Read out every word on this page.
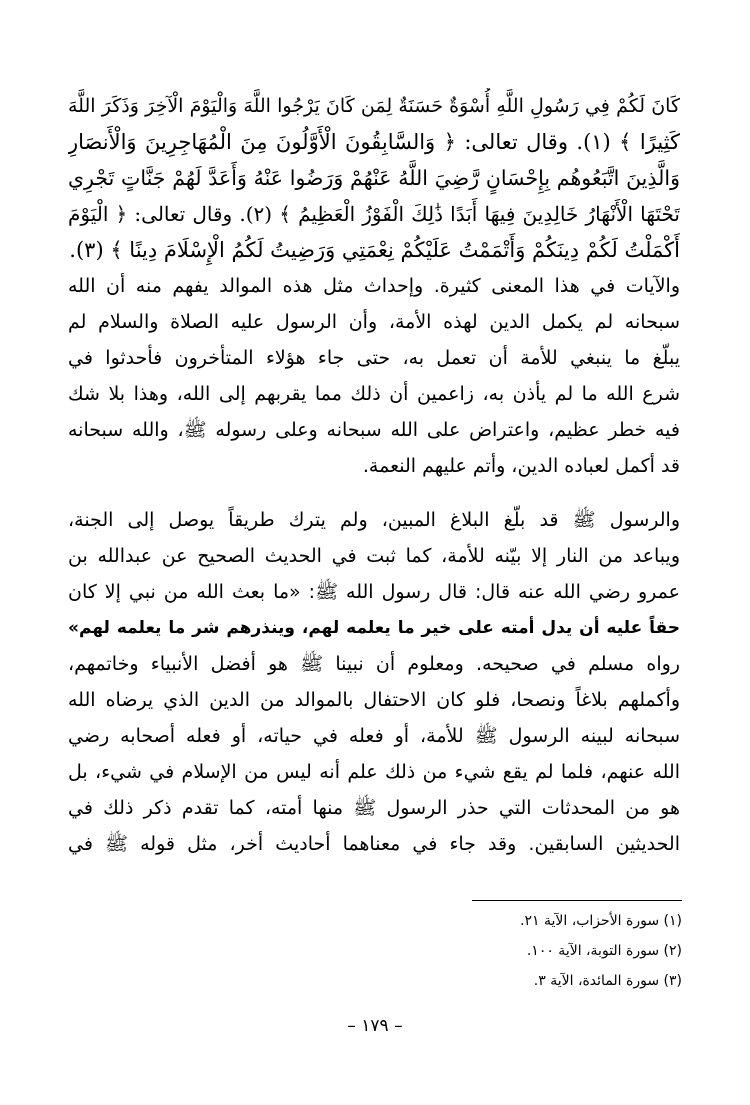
كَانَ لَكُمْ فِي رَسُولِ اللَّهِ أُسْوَةٌ حَسَنَةٌ لِمَن كَانَ يَرْجُوا اللَّهَ وَالْيَوْمَ الْآخِرَ وَذَكَرَ اللَّهَ
كَثِيرًا ﴾ (١). وقال تعالى: ﴿ وَالسَّابِقُونَ الْأَوَّلُونَ مِنَ الْمُهَاجِرِينَ وَالْأَنصَارِ
وَالَّذِينَ اتَّبَعُوهُم بِإِحْسَانٍ رَّضِيَ اللَّهُ عَنْهُمْ وَرَضُوا عَنْهُ وَأَعَدَّ لَهُمْ جَنَّاتٍ تَجْرِي
تَحْتَهَا الْأَنْهَارُ خَالِدِينَ فِيهَا أَبَدًا ذَٰلِكَ الْفَوْزُ الْعَظِيمُ ﴾ (٢). وقال تعالى: ﴿ الْيَوْمَ
أَكْمَلْتُ لَكُمْ دِينَكُمْ وَأَتْمَمْتُ عَلَيْكُمْ نِعْمَتِي وَرَضِيتُ لَكُمُ الْإِسْلَامَ دِينًا ﴾ (٣).
والآيات في هذا المعنى كثيرة. وإحداث مثل هذه الموالد يفهم منه أن الله
سبحانه لم يكمل الدين لهذه الأمة، وأن الرسول عليه الصلاة والسلام لم
يبلّغ ما ينبغي للأمة أن تعمل به، حتى جاء هؤلاء المتأخرون فأحدثوا في
شرع الله ما لم يأذن به، زاعمين أن ذلك مما يقربهم إلى الله، وهذا بلا شك
فيه خطر عظيم، واعتراض على الله سبحانه وعلى رسوله ﷺ، والله سبحانه
قد أكمل لعباده الدين، وأتم عليهم النعمة.
والرسول ﷺ قد بلّغ البلاغ المبين، ولم يترك طريقاً يوصل إلى الجنة،
ويباعد من النار إلا بيّنه للأمة، كما ثبت في الحديث الصحيح عن عبدالله بن
عمرو رضي الله عنه قال: قال رسول الله ﷺ: «ما بعث الله من نبي إلا كان
حقاً عليه أن يدل أمته على خير ما يعلمه لهم، وينذرهم شر ما يعلمه لهم»
رواه مسلم في صحيحه. ومعلوم أن نبينا ﷺ هو أفضل الأنبياء وخاتمهم،
وأكملهم بلاغاً ونصحا، فلو كان الاحتفال بالموالد من الدين الذي يرضاه الله
سبحانه لبينه الرسول ﷺ للأمة، أو فعله في حياته، أو فعله أصحابه رضي
الله عنهم، فلما لم يقع شيء من ذلك علم أنه ليس من الإسلام في شيء، بل
هو من المحدثات التي حذر الرسول ﷺ منها أمته، كما تقدم ذكر ذلك في
الحديثين السابقين. وقد جاء في معناهما أحاديث أخر، مثل قوله ﷺ في
(١) سورة الأحزاب، الآية ٢١.
(٢) سورة التوبة، الآية ١٠٠.
(٣) سورة المائدة، الآية ٣.
– ١٧٩ –
